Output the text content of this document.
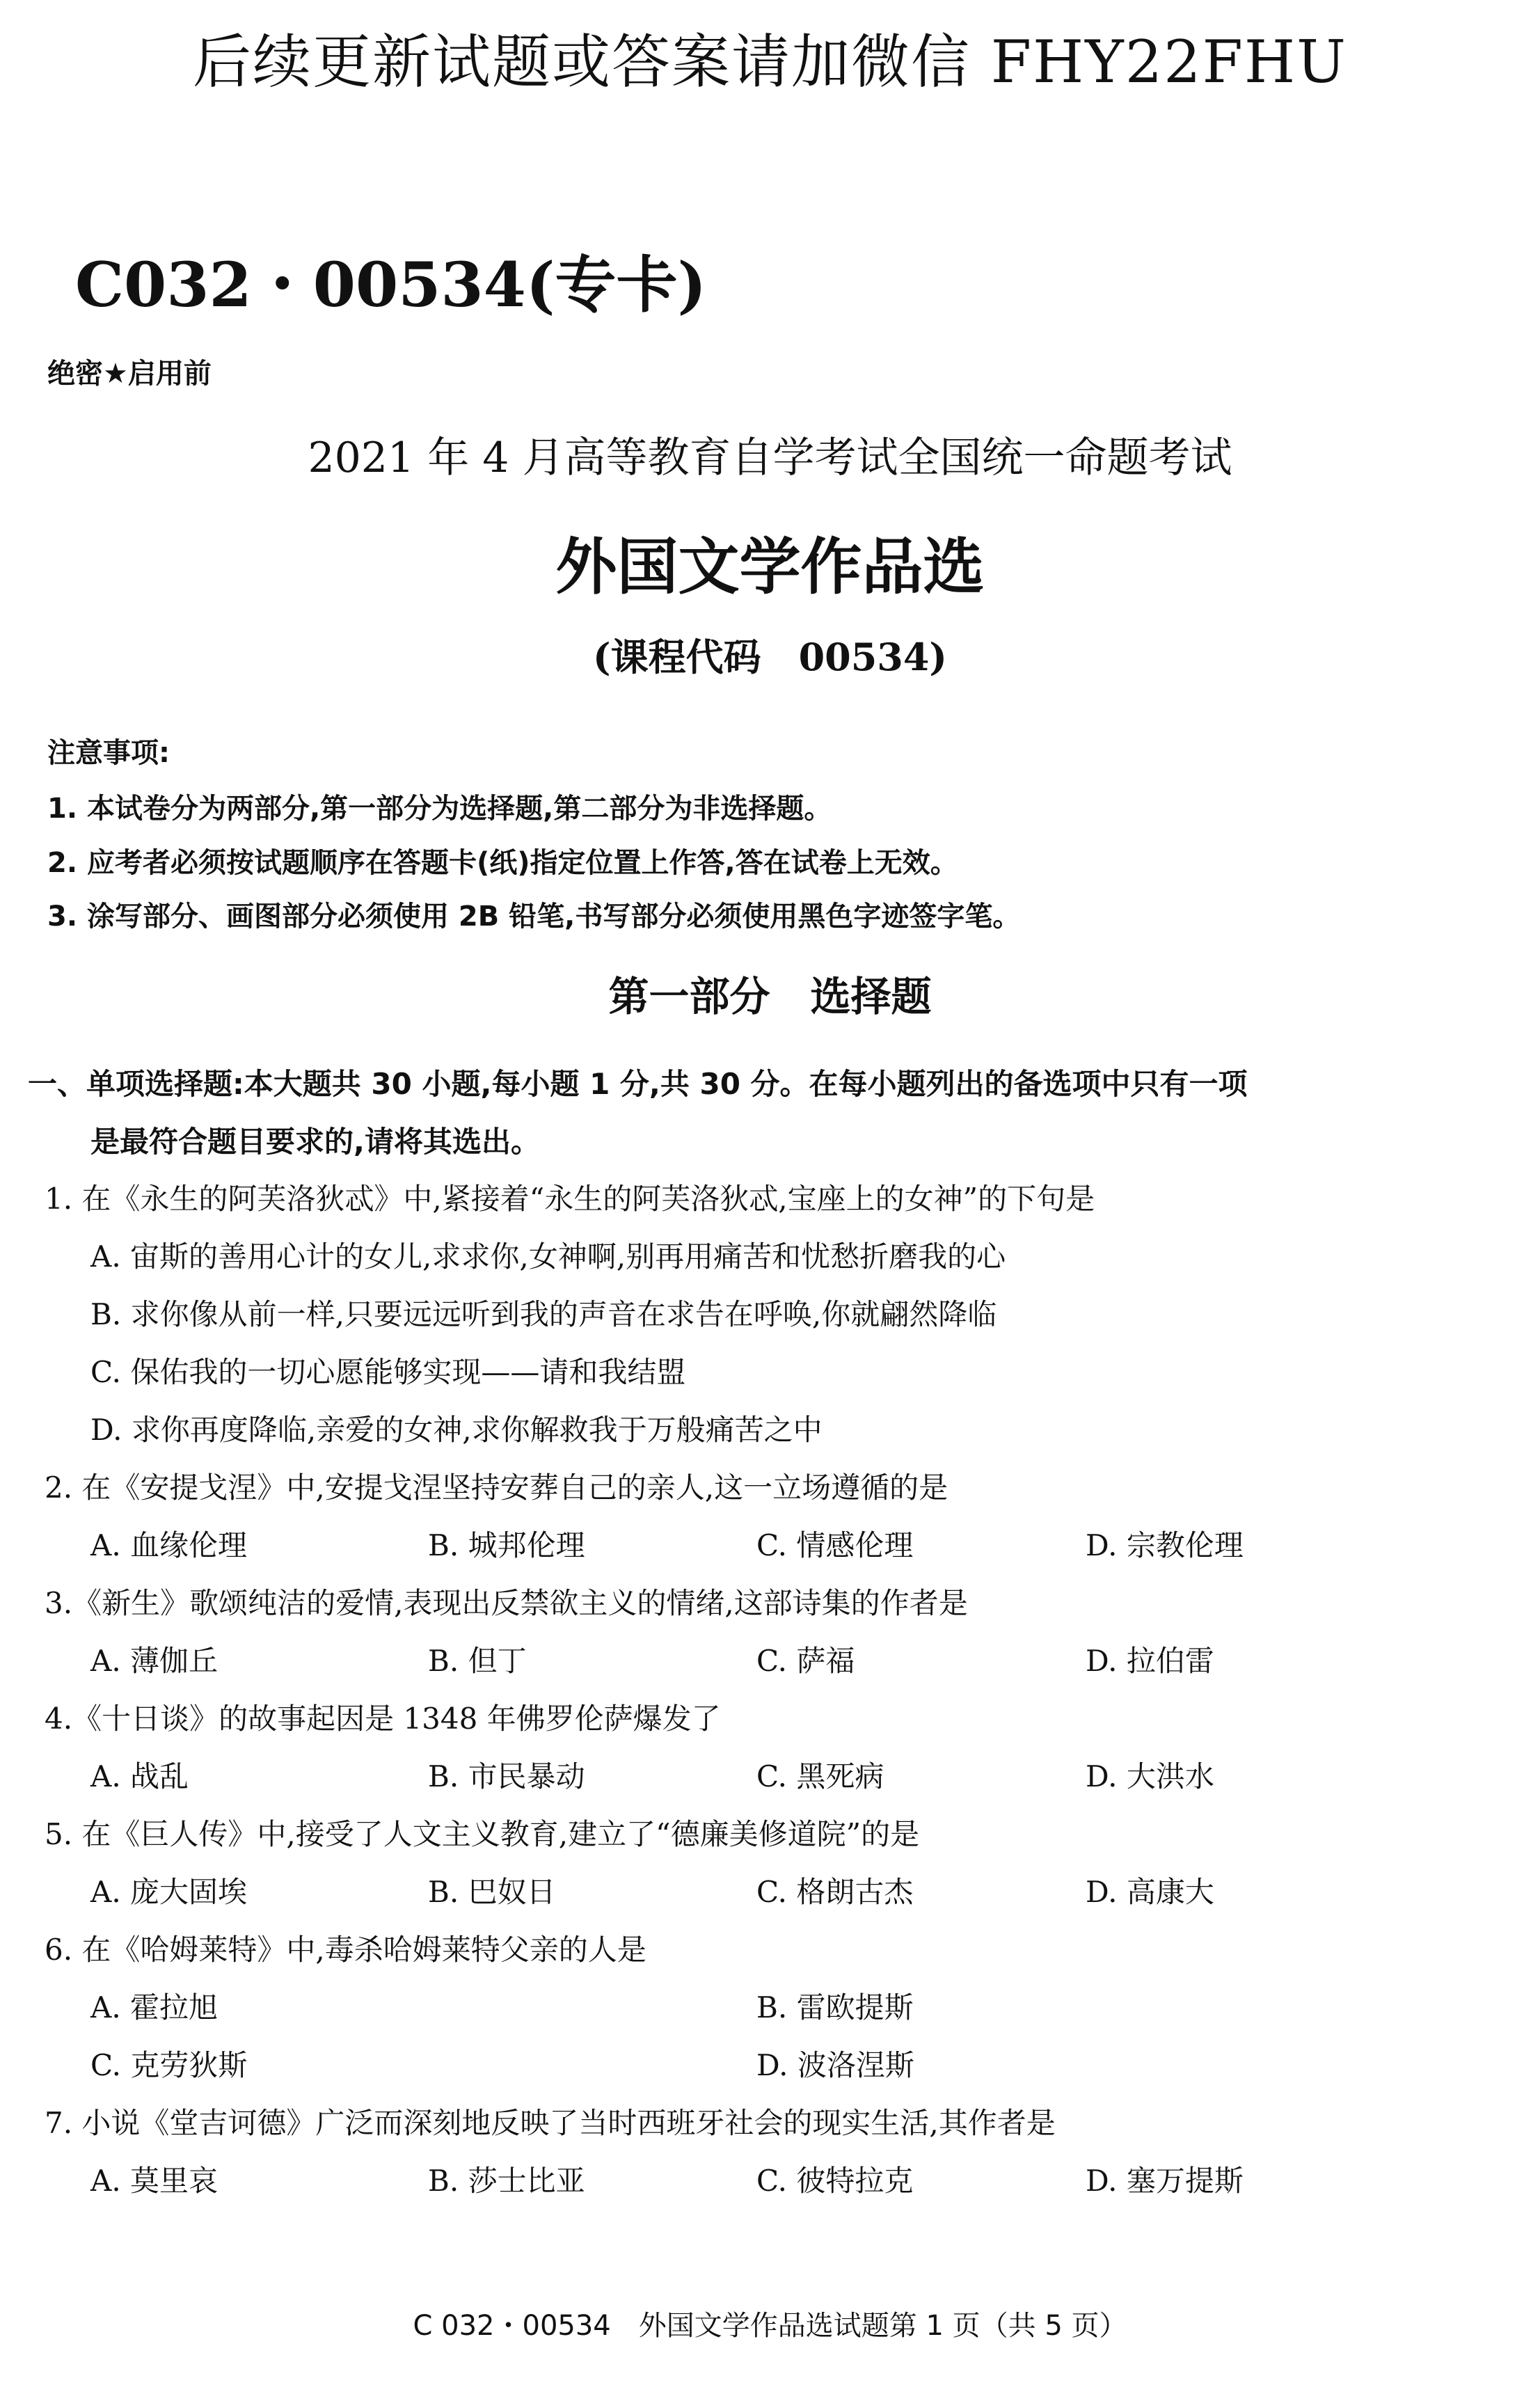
后续更新试题或答案请加微信 FHY22FHU
C032・00534(专卡)
绝密★启用前
2021 年 4 月高等教育自学考试全国统一命题考试
外国文学作品选
(课程代码　00534)
注意事项:
1. 本试卷分为两部分,第一部分为选择题,第二部分为非选择题。
2. 应考者必须按试题顺序在答题卡(纸)指定位置上作答,答在试卷上无效。
3. 涂写部分、画图部分必须使用 2B 铅笔,书写部分必须使用黑色字迹签字笔。
第一部分　选择题
一、单项选择题:本大题共 30 小题,每小题 1 分,共 30 分。在每小题列出的备选项中只有一项
是最符合题目要求的,请将其选出。
1. 在《永生的阿芙洛狄忒》中,紧接着“永生的阿芙洛狄忒,宝座上的女神”的下句是
A. 宙斯的善用心计的女儿,求求你,女神啊,别再用痛苦和忧愁折磨我的心
B. 求你像从前一样,只要远远听到我的声音在求告在呼唤,你就翩然降临
C. 保佑我的一切心愿能够实现——请和我结盟
D. 求你再度降临,亲爱的女神,求你解救我于万般痛苦之中
2. 在《安提戈涅》中,安提戈涅坚持安葬自己的亲人,这一立场遵循的是
A. 血缘伦理	B. 城邦伦理	C. 情感伦理	D. 宗教伦理
3.《新生》歌颂纯洁的爱情,表现出反禁欲主义的情绪,这部诗集的作者是
A. 薄伽丘	B. 但丁	C. 萨福	D. 拉伯雷
4.《十日谈》的故事起因是 1348 年佛罗伦萨爆发了
A. 战乱	B. 市民暴动	C. 黑死病	D. 大洪水
5. 在《巨人传》中,接受了人文主义教育,建立了“德廉美修道院”的是
A. 庞大固埃	B. 巴奴日	C. 格朗古杰	D. 高康大
6. 在《哈姆莱特》中,毒杀哈姆莱特父亲的人是
A. 霍拉旭	B. 雷欧提斯
C. 克劳狄斯	D. 波洛涅斯
7. 小说《堂吉诃德》广泛而深刻地反映了当时西班牙社会的现实生活,其作者是
A. 莫里哀	B. 莎士比亚	C. 彼特拉克	D. 塞万提斯
C 032・00534　外国文学作品选试题第 1 页（共 5 页）
